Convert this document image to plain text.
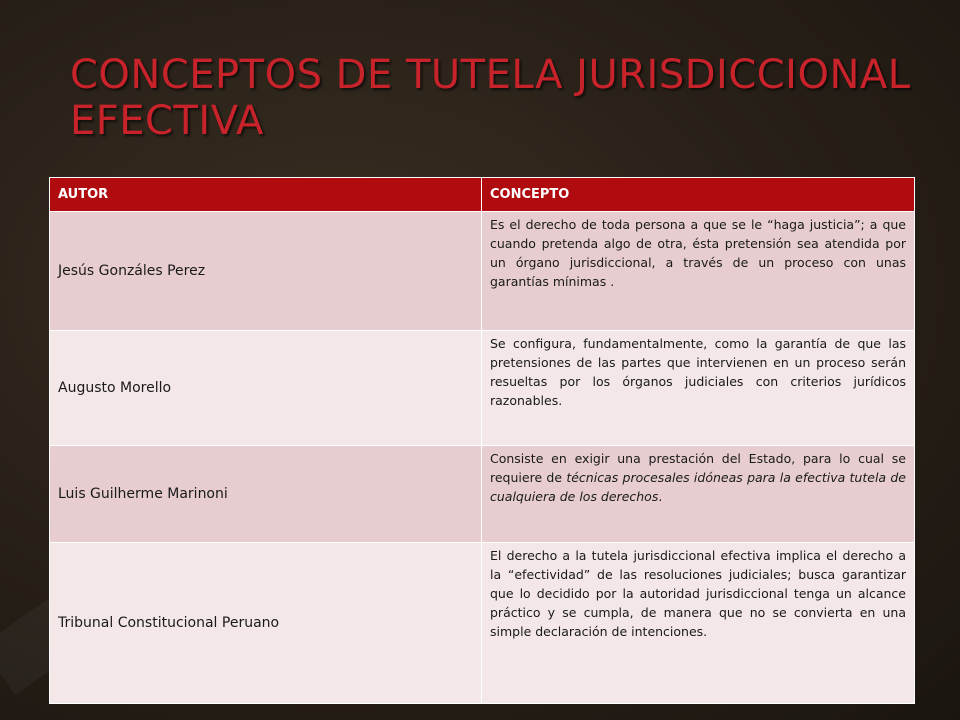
CONCEPTOS DE TUTELA JURISDICCIONAL EFECTIVA
AUTOR	CONCEPTO
Jesús Gonzáles Perez	Es el derecho de toda persona a que se le “haga justicia”; a que cuando pretenda algo de otra, ésta pretensión sea atendida por un órgano jurisdiccional, a través de un proceso con unas garantías mínimas .
Augusto Morello	Se configura, fundamentalmente, como la garantía de que las pretensiones de las partes que intervienen en un proceso serán resueltas por los órganos judiciales con criterios jurídicos razonables.
Luis Guilherme Marinoni	Consiste en exigir una prestación del Estado, para lo cual se requiere de técnicas procesales idóneas para la efectiva tutela de cualquiera de los derechos.
Tribunal Constitucional Peruano	El derecho a la tutela jurisdiccional efectiva implica el derecho a la “efectividad” de las resoluciones judiciales; busca garantizar que lo decidido por la autoridad jurisdiccional tenga un alcance práctico y se cumpla, de manera que no se convierta en una simple declaración de intenciones.
